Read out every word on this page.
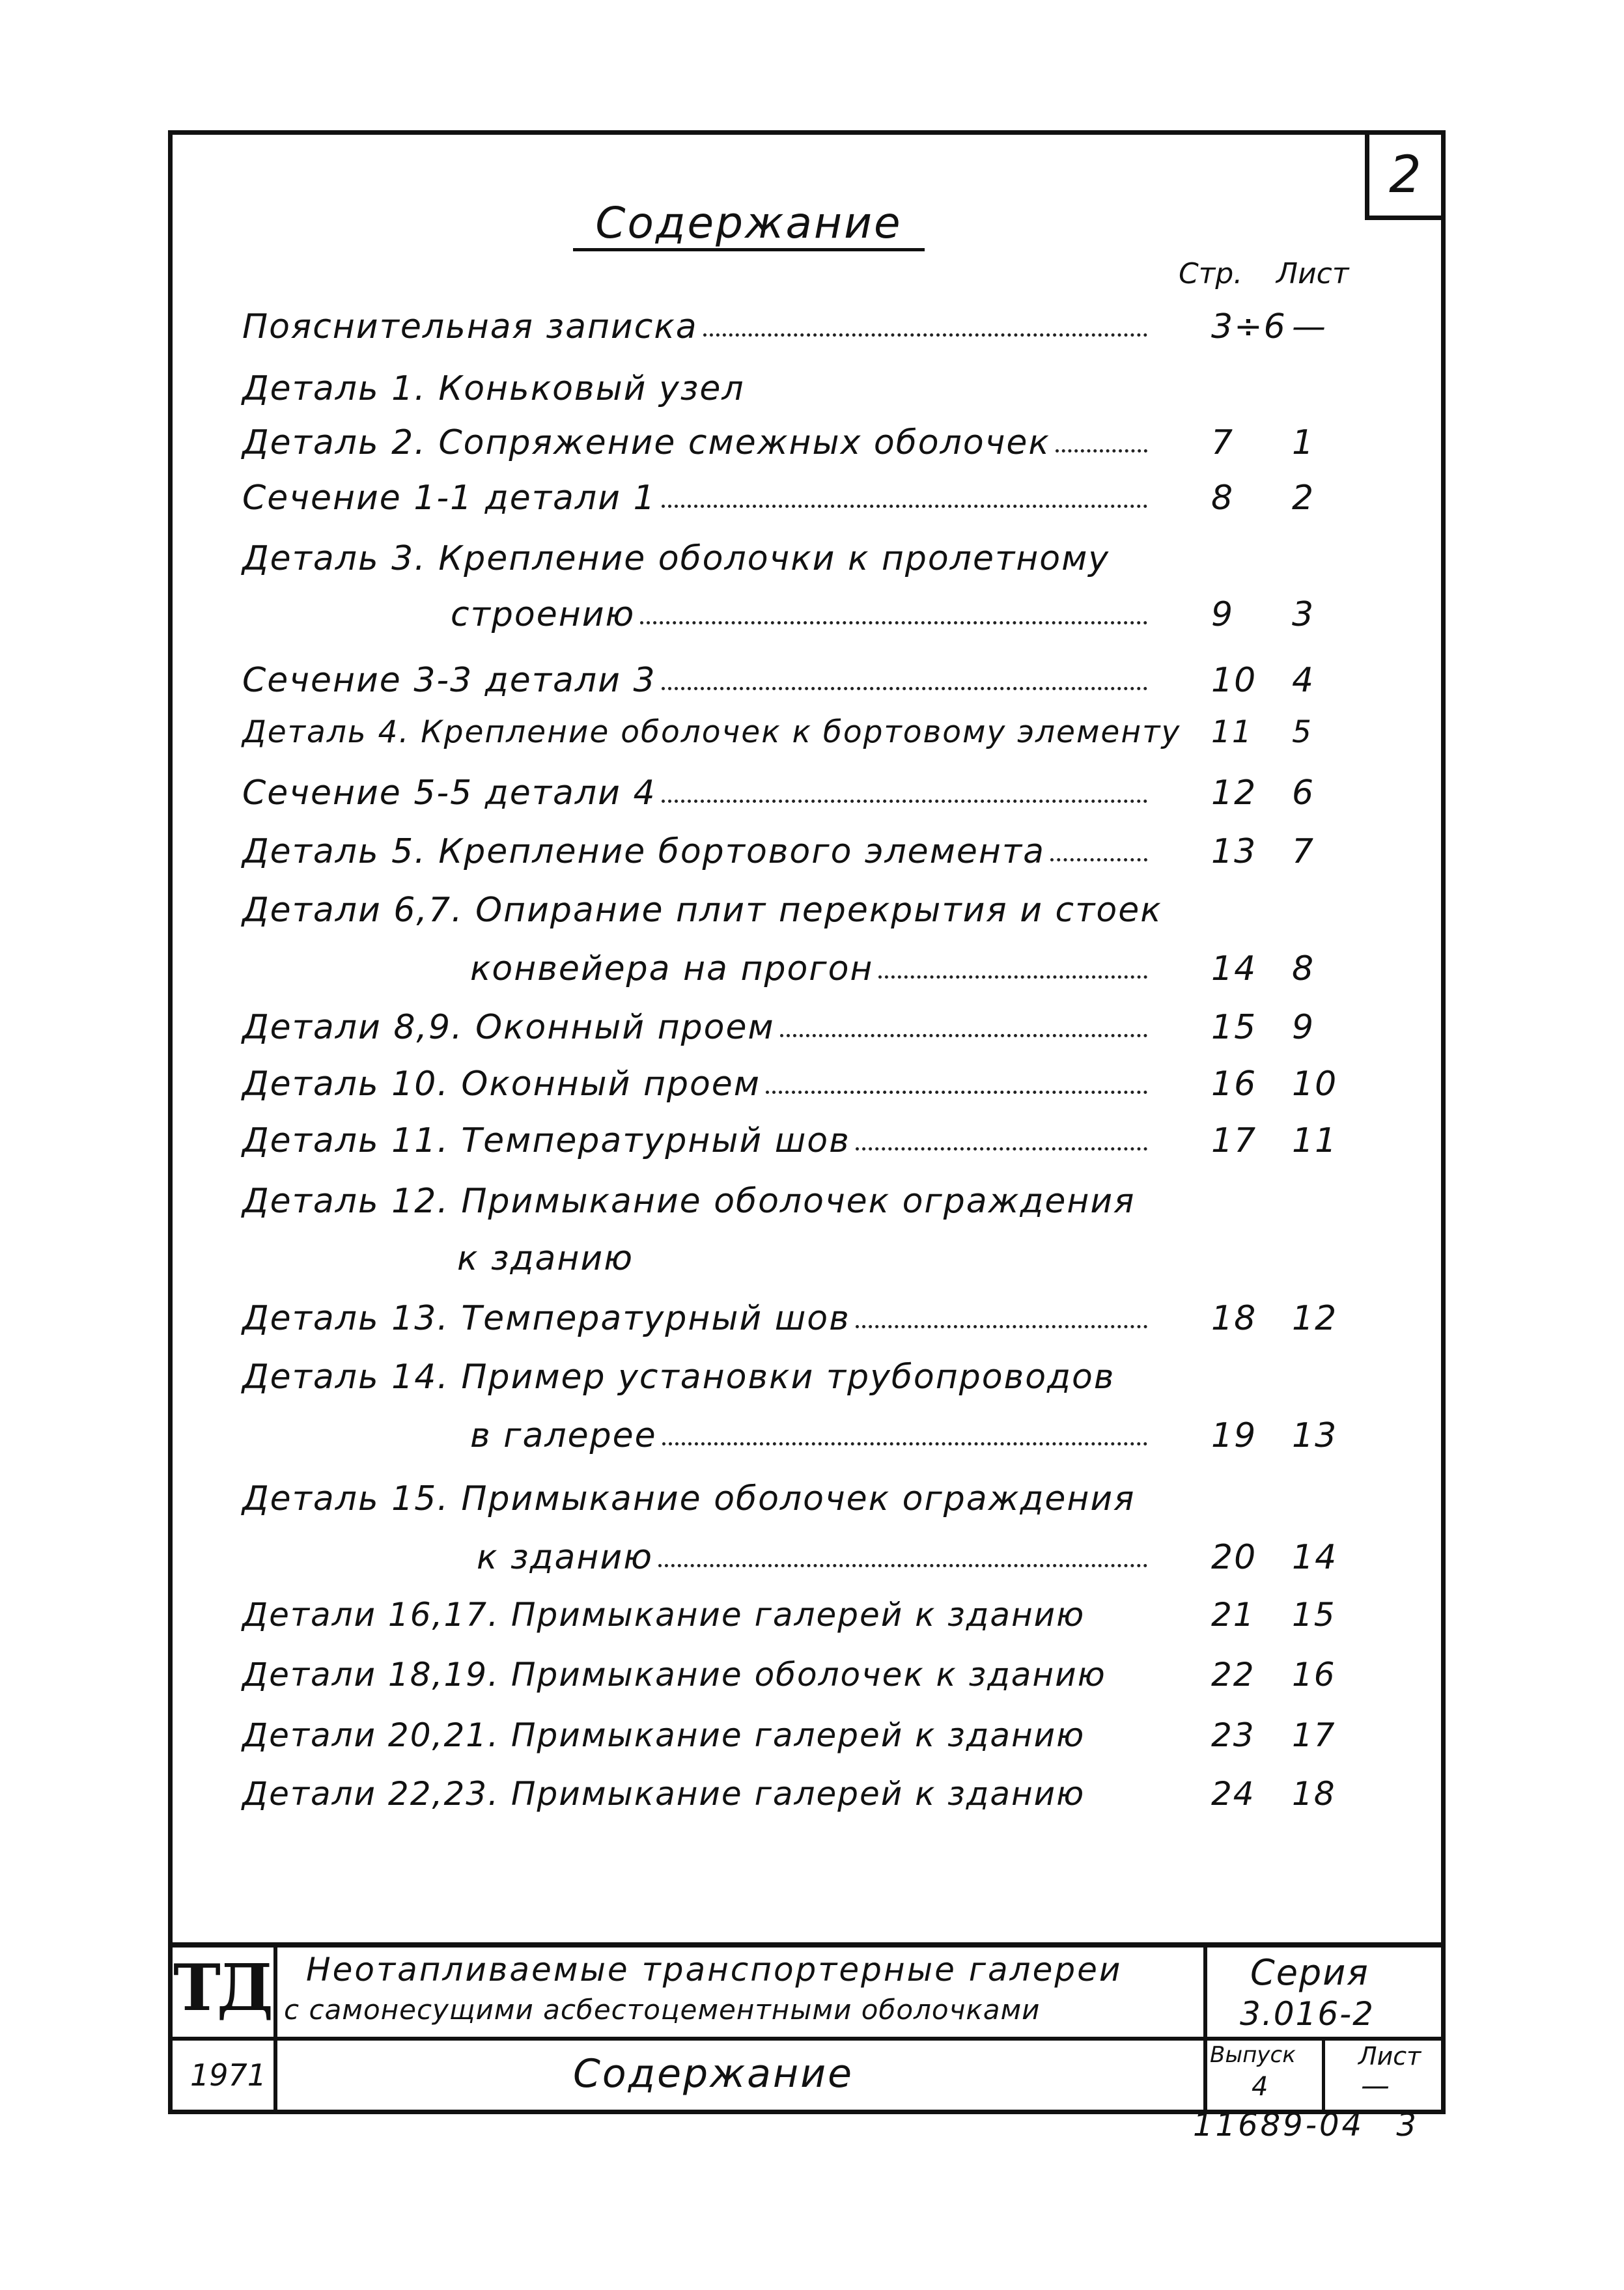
2
Содержание
Стр. Лист
Пояснительная записка	3÷6 —
Деталь 1. Коньковый узел
Деталь 2. Сопряжение смежных оболочек	7	1
Сечение 1-1 детали 1	8	2
Деталь 3. Крепление оболочки к пролетному
строению	9	3
Сечение 3-3 детали 3	10	4
Деталь 4. Крепление оболочек к бортовому элементу 11	5
Сечение 5-5 детали 4	12	6
Деталь 5. Крепление бортового элемента	13	7
Детали 6,7. Опирание плит перекрытия и стоек
конвейера на прогон	14	8
Детали 8,9. Оконный проем	15	9
Деталь 10. Оконный проем	16	10
Деталь 11. Температурный шов	17	11
Деталь 12. Примыкание оболочек ограждения
к зданию
Деталь 13. Температурный шов	18	12
Деталь 14. Пример установки трубопроводов
в галерее	19	13
Деталь 15. Примыкание оболочек ограждения
к зданию	20	14
Детали 16,17. Примыкание галерей к зданию	21	15
Детали 18,19. Примыкание оболочек к зданию	22	16
Детали 20,21. Примыкание галерей к зданию	23	17
Детали 22,23. Примыкание галерей к зданию	24	18
ТД Неотапливаемые транспортерные галереи
с самонесущими асбестоцементными оболочками
Серия
3.016-2
1971	Содержание	Выпуск
4
Лист
—
11689-04 3
